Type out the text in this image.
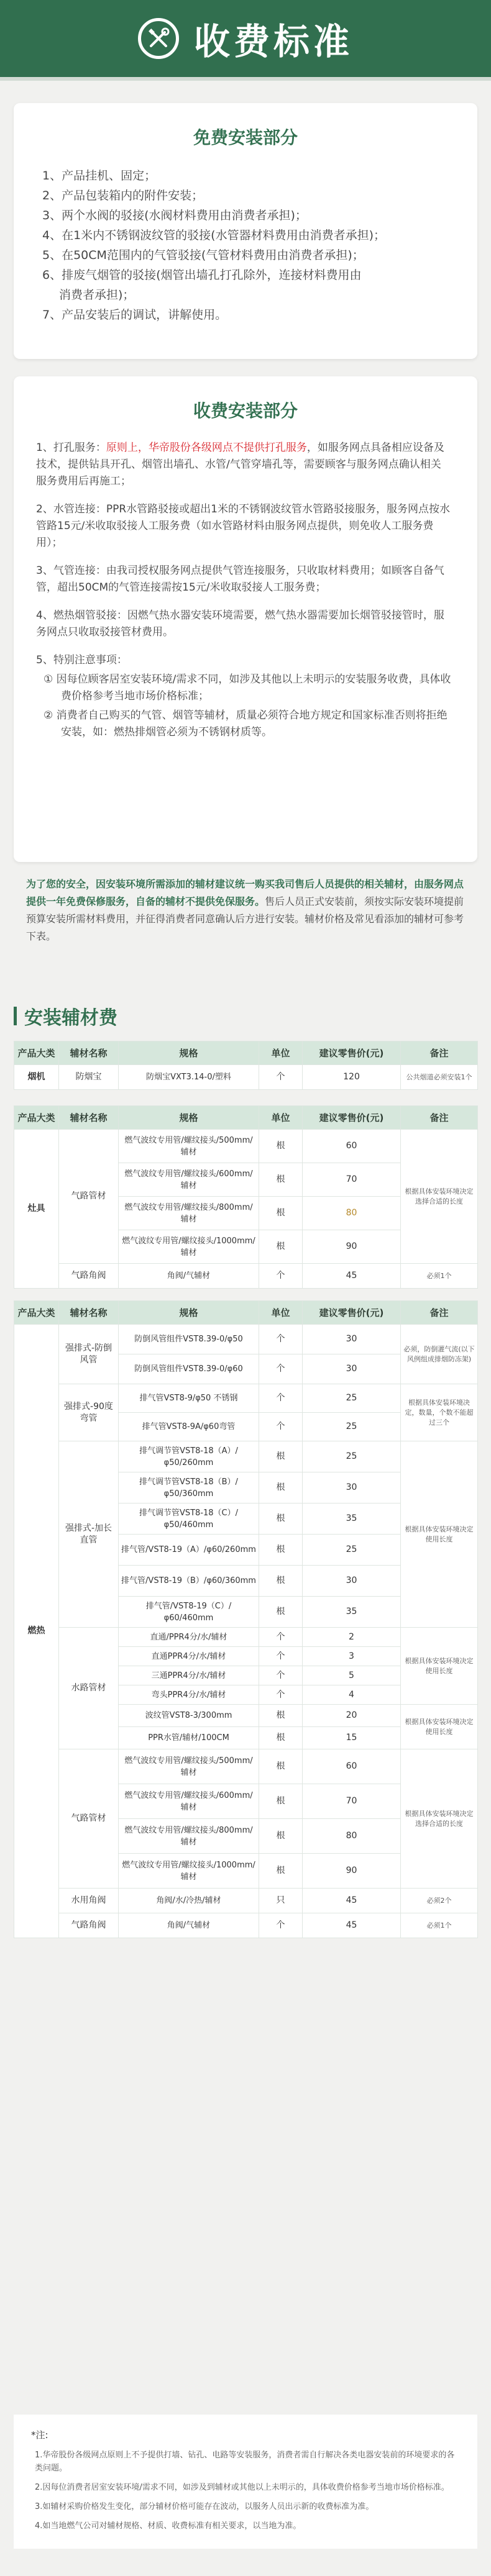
收费标准
免费安装部分
1、产品挂机、固定；
2、产品包装箱内的附件安装；
3、两个水阀的驳接(水阀材料费用由消费者承担)；
4、在1米内不锈钢波纹管的驳接(水管器材料费用由消费者承担)；
5、在50CM范围内的气管驳接(气管材料费用由消费者承担)；
6、排废气烟管的驳接(烟管出墙孔打孔除外，连接材料费用由
消费者承担)；
7、产品安装后的调试，讲解使用。
收费安装部分
1、打孔服务：原则上，华帝股份各级网点不提供打孔服务，如服务网点具备相应设备及技术，提供钻具开孔、烟管出墙孔、水管/气管穿墙孔等，需要顾客与服务网点确认相关服务费用后再施工；
2、水管连接：PPR水管路驳接或超出1米的不锈钢波纹管水管路驳接服务，服务网点按水管路15元/米收取驳接人工服务费（如水管路材料由服务网点提供，则免收人工服务费用）；
3、气管连接：由我司授权服务网点提供气管连接服务，只收取材料费用；如顾客自备气管，超出50CM的气管连接需按15元/米收取驳接人工服务费；
4、燃热烟管驳接：因燃气热水器安装环境需要，燃气热水器需要加长烟管驳接管时，服务网点只收取驳接管材费用。
5、特别注意事项：
① 因每位顾客居室安装环境/需求不同，如涉及其他以上未明示的安装服务收费，具体收费价格参考当地市场价格标准；
② 消费者自己购买的气管、烟管等辅材，质量必须符合地方规定和国家标准否则将拒绝安装，如：燃热排烟管必须为不锈钢材质等。
为了您的安全，因安装环境所需添加的辅材建议统一购买我司售后人员提供的相关辅材，由服务网点提供一年免费保修服务，自备的辅材不提供免保服务。售后人员正式安装前，须按实际安装环境提前预算安装所需材料费用，并征得消费者同意确认后方进行安装。辅材价格及常见看添加的辅材可参考下表。
安装辅材费
产品大类	辅材名称	规格	单位	建议零售价(元)	备注
烟机	防烟宝	防烟宝VXT3.14-0/塑料	个	120	公共烟道必须安装1个
产品大类	辅材名称	规格	单位	建议零售价(元)	备注
灶具	气路管材	燃气波纹专用管/螺纹接头/500mm/辅材	根	60	根据具体安装环境决定选择合适的长度
		燃气波纹专用管/螺纹接头/600mm/辅材	根	70	
		燃气波纹专用管/螺纹接头/800mm/辅材	根	80	
		燃气波纹专用管/螺纹接头/1000mm/辅材	根	90	
	气路角阀	角阀/气辅材	个	45	必须1个
产品大类	辅材名称	规格	单位	建议零售价(元)	备注
燃热	强排式-防倒风管	防倒风管组件VST8.39-0/φ50	个	30	必须，防倒灌气流(以下风例组成排烟防冻架)
		防倒风管组件VST8.39-0/φ60	个	30	
	强排式-90度弯管	排气管VST8-9/φ50 不锈钢	个	25	根据具体安装环境决定，数量，个数不能超过三个
		排气管VST8-9A/φ60弯管	个	25	
	强排式-加长直管	排气调节管VST8-18（A）/φ50/260mm	根	25	根据具体安装环境决定使用长度
		排气调节管VST8-18（B）/φ50/360mm	根	30	
		排气调节管VST8-18（C）/φ50/460mm	根	35	
		排气管/VST8-19（A）/φ60/260mm	根	25	
		排气管/VST8-19（B）/φ60/360mm	根	30	
		排气管/VST8-19（C）/φ60/460mm	根	35	
	水路管材	直通/PPR4分/水/辅材	个	2	根据具体安装环境决定使用长度
		直通PPR4分/水/辅材	个	3	
		三通PPR4分/水/辅材	个	5	
		弯头PPR4分/水/辅材	个	4	
		波纹管VST8-3/300mm	根	20	根据具体安装环境决定使用长度
		PPR水管/辅材/100CM	根	15	
	气路管材	燃气波纹专用管/螺纹接头/500mm/辅材	根	60	根据具体安装环境决定选择合适的长度
		燃气波纹专用管/螺纹接头/600mm/辅材	根	70	
		燃气波纹专用管/螺纹接头/800mm/辅材	根	80	
		燃气波纹专用管/螺纹接头/1000mm/辅材	根	90	
	水用角阀	角阀/水/冷热/辅材	只	45	必须2个
	气路角阀	角阀/气辅材	个	45	必须1个
*注:

1.华帝股份各级网点原则上不予提供打墙、钻孔、电路等安装服务，消费者需自行解决各类电器安装前的环境要求的各类问题。

2.因每位消费者居室安装环境/需求不同，如涉及到辅材或其他以上未明示的，具体收费价格参考当地市场价格标准。

3.如辅材采购价格发生变化，部分辅材价格可能存在波动，以服务人员出示新的收费标准为准。

4.如当地燃气公司对辅材规格、材质、收费标准有相关要求，以当地为准。
